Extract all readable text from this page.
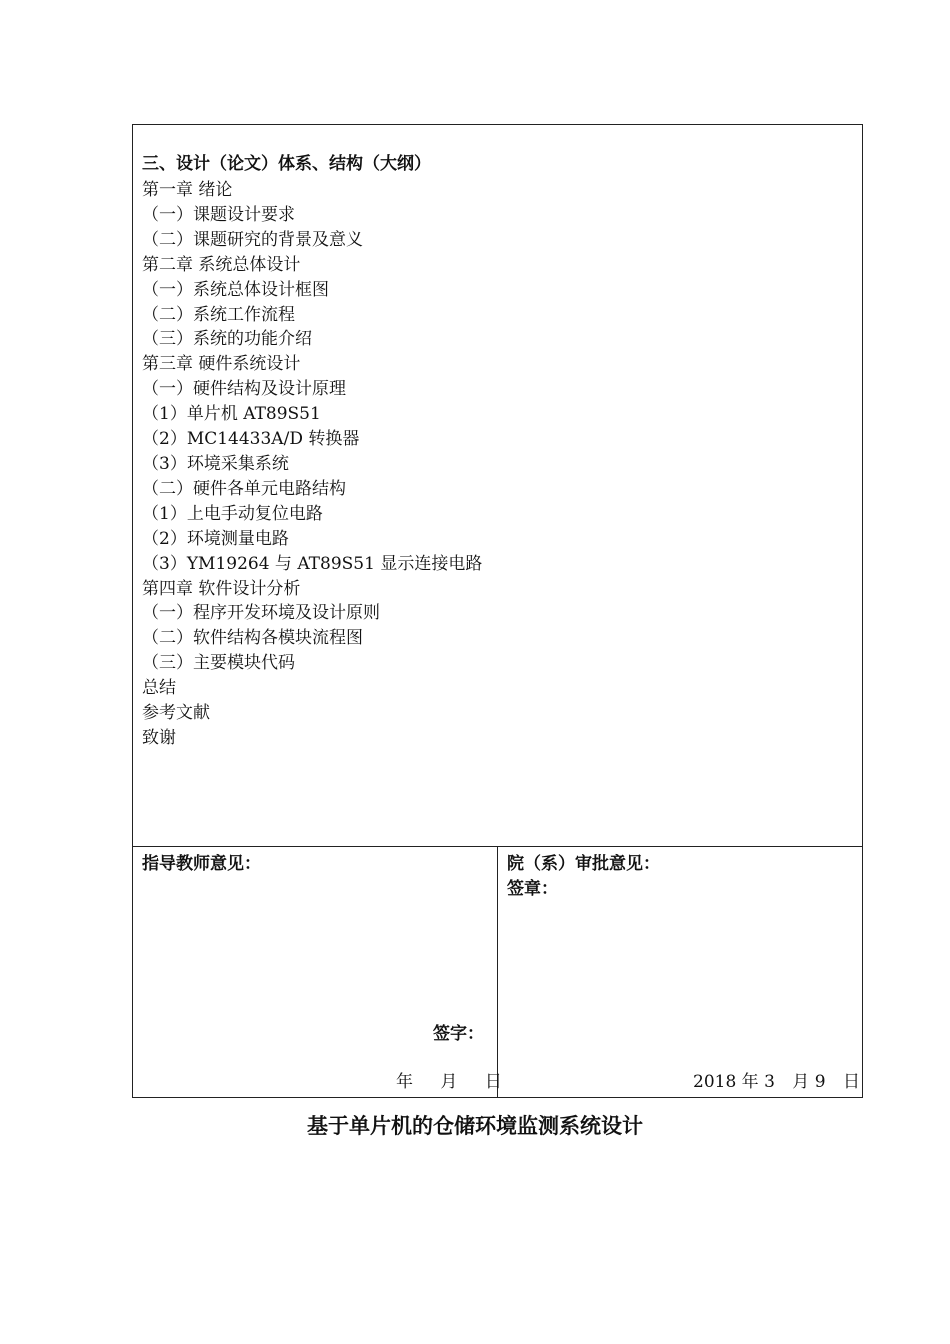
三、设计（论文）体系、结构（大纲）
第一章 绪论
（一）课题设计要求
（二）课题研究的背景及意义
第二章 系统总体设计
（一）系统总体设计框图
（二）系统工作流程
（三）系统的功能介绍
第三章 硬件系统设计
（一）硬件结构及设计原理
（1）单片机 AT89S51
（2）MC14433A/D 转换器
（3）环境采集系统
（二）硬件各单元电路结构
（1）上电手动复位电路
（2）环境测量电路
（3）YM19264 与 AT89S51 显示连接电路
第四章 软件设计分析
（一）程序开发环境及设计原则
（二）软件结构各模块流程图
（三）主要模块代码
总结
参考文献
致谢
指导教师意见：
签字：
年 月 日
院（系）审批意见：
签章：
2018 年 3 月 9 日
基于单片机的仓储环境监测系统设计
